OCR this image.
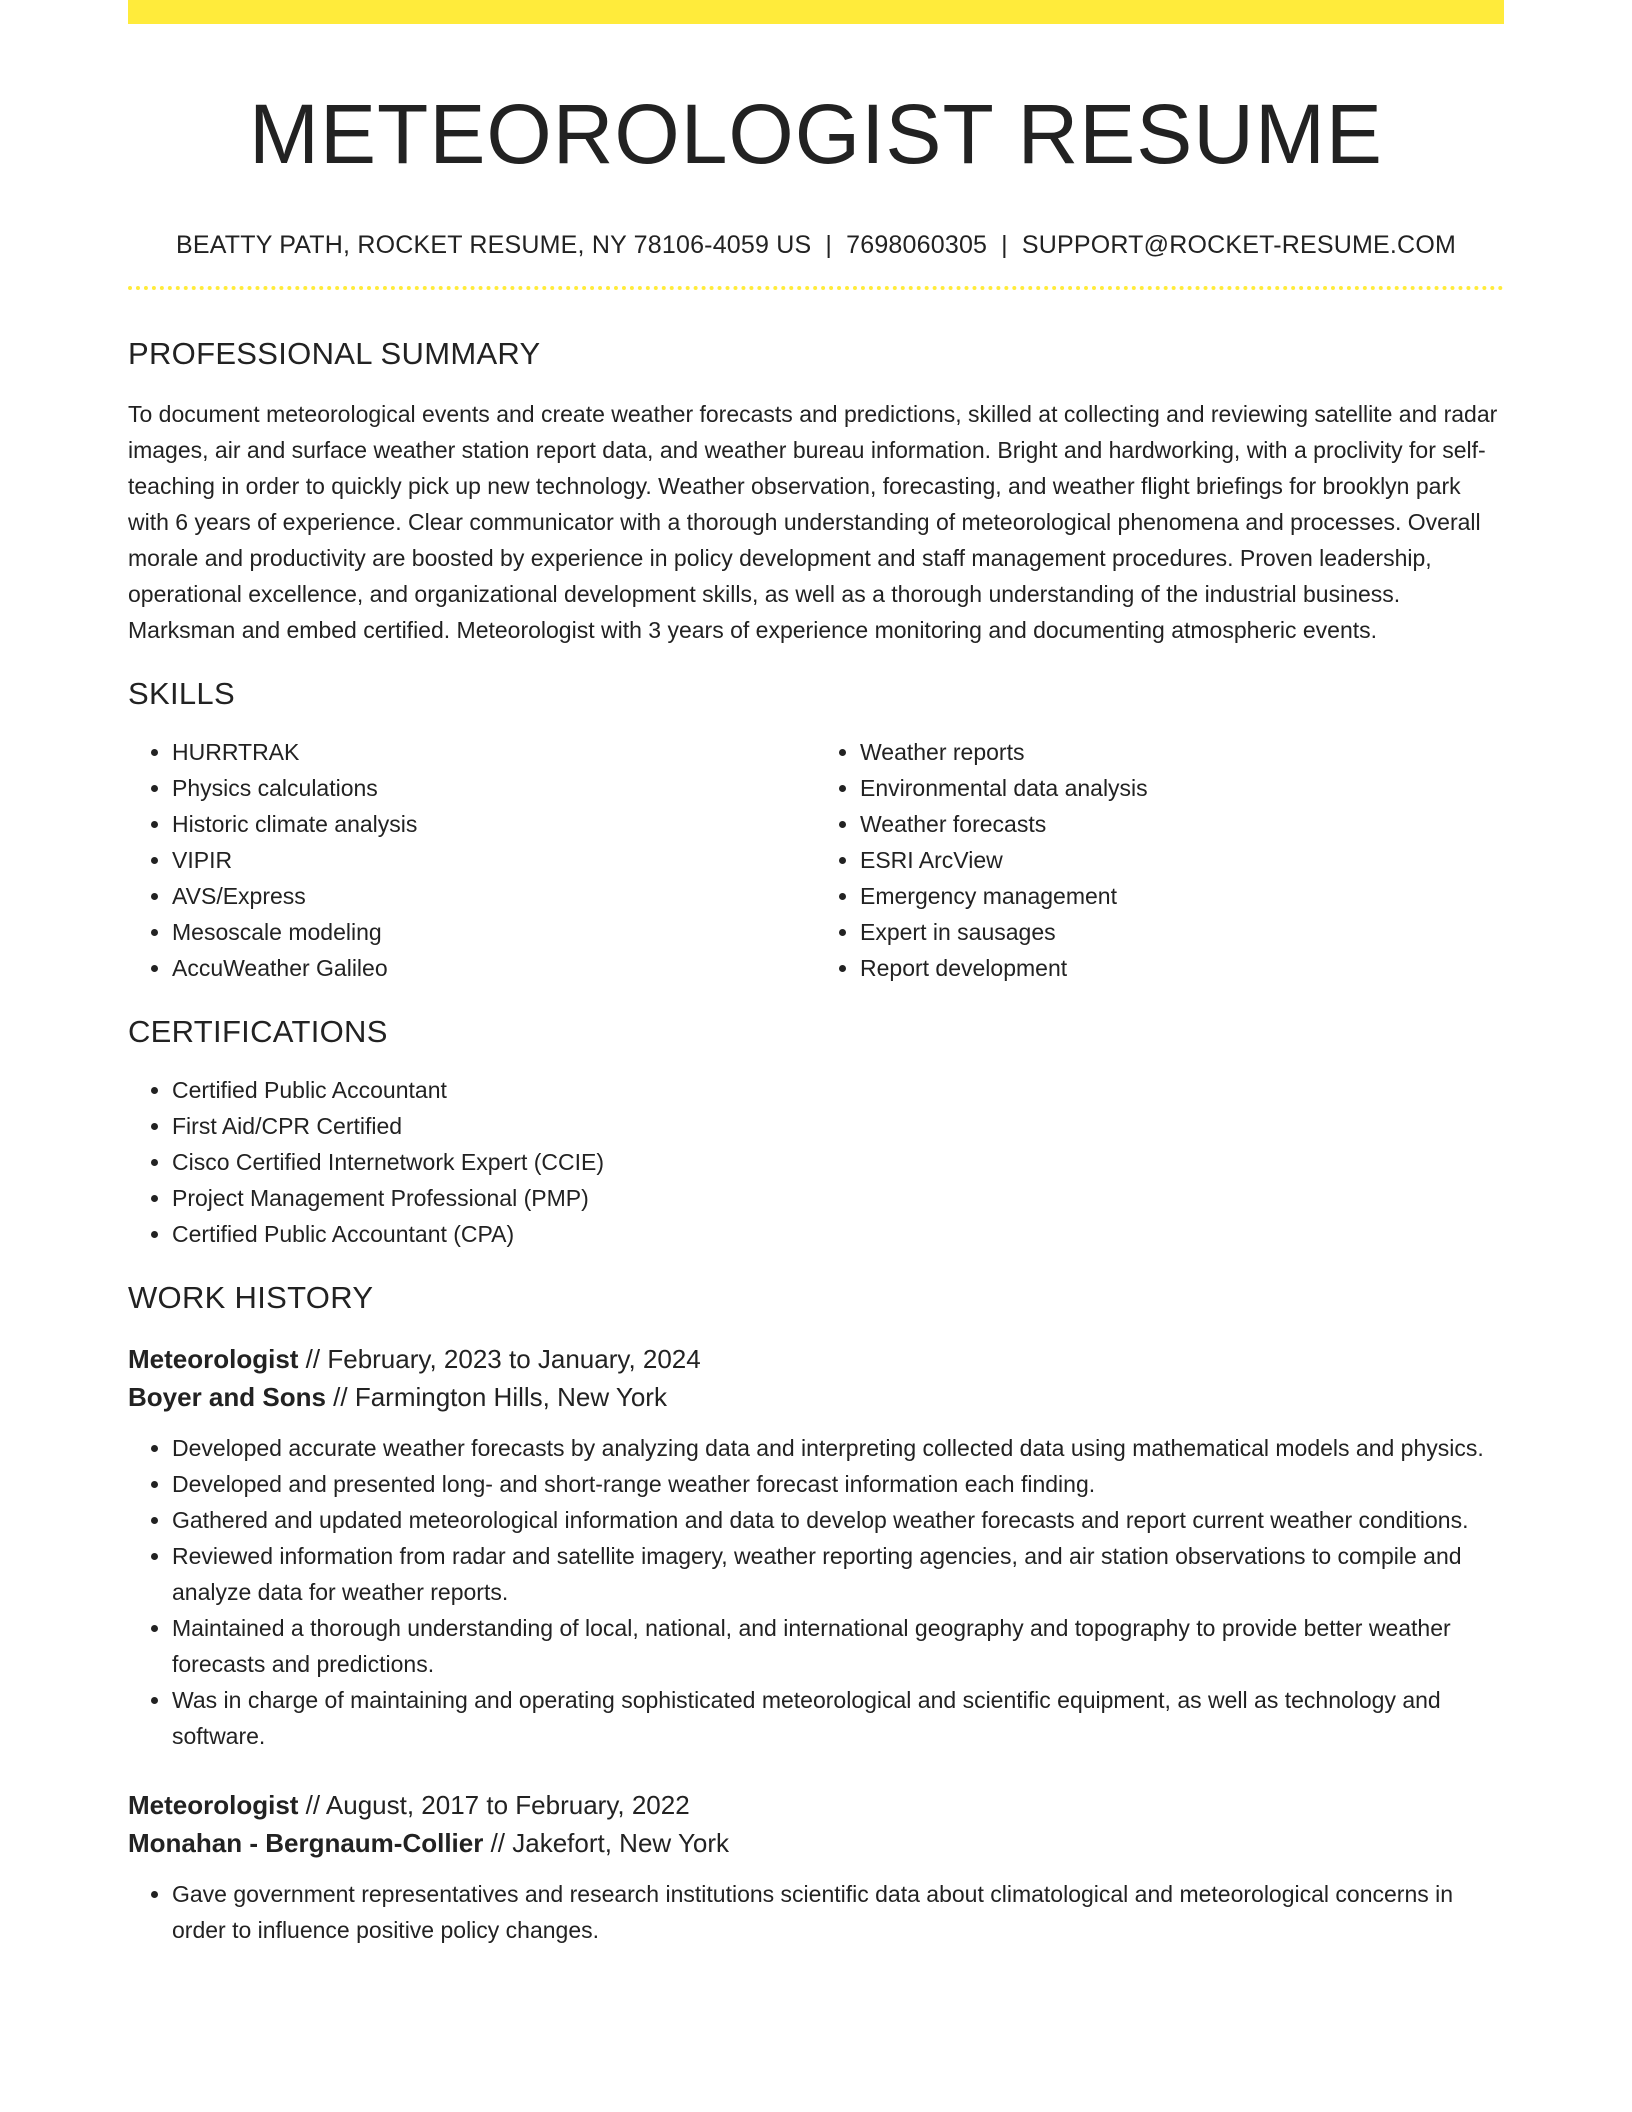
METEOROLOGIST RESUME
BEATTY PATH, ROCKET RESUME, NY 78106-4059 US | 7698060305 | SUPPORT@ROCKET-RESUME.COM
PROFESSIONAL SUMMARY

To document meteorological events and create weather forecasts and predictions, skilled at collecting and reviewing satellite and radar images, air and surface weather station report data, and weather bureau information. Bright and hardworking, with a proclivity for self-teaching in order to quickly pick up new technology. Weather observation, forecasting, and weather flight briefings for brooklyn park with 6 years of experience. Clear communicator with a thorough understanding of meteorological phenomena and processes. Overall morale and productivity are boosted by experience in policy development and staff management procedures. Proven leadership, operational excellence, and organizational development skills, as well as a thorough understanding of the industrial business. Marksman and embed certified. Meteorologist with 3 years of experience monitoring and documenting atmospheric events.

SKILLS
• HURRTRAK
• Physics calculations
• Historic climate analysis
• VIPIR
• AVS/Express
• Mesoscale modeling
• AccuWeather Galileo
• Weather reports
• Environmental data analysis
• Weather forecasts
• ESRI ArcView
• Emergency management
• Expert in sausages
• Report development
CERTIFICATIONS
• Certified Public Accountant
• First Aid/CPR Certified
• Cisco Certified Internetwork Expert (CCIE)
• Project Management Professional (PMP)
• Certified Public Accountant (CPA)
WORK HISTORY
Meteorologist // February, 2023 to January, 2024
Boyer and Sons // Farmington Hills, New York
• Developed accurate weather forecasts by analyzing data and interpreting collected data using mathematical models and physics.
• Developed and presented long- and short-range weather forecast information each finding.
• Gathered and updated meteorological information and data to develop weather forecasts and report current weather conditions.
• Reviewed information from radar and satellite imagery, weather reporting agencies, and air station observations to compile and analyze data for weather reports.
• Maintained a thorough understanding of local, national, and international geography and topography to provide better weather forecasts and predictions.
• Was in charge of maintaining and operating sophisticated meteorological and scientific equipment, as well as technology and software.
Meteorologist // August, 2017 to February, 2022
Monahan - Bergnaum-Collier // Jakefort, New York
• Gave government representatives and research institutions scientific data about climatological and meteorological concerns in order to influence positive policy changes.
